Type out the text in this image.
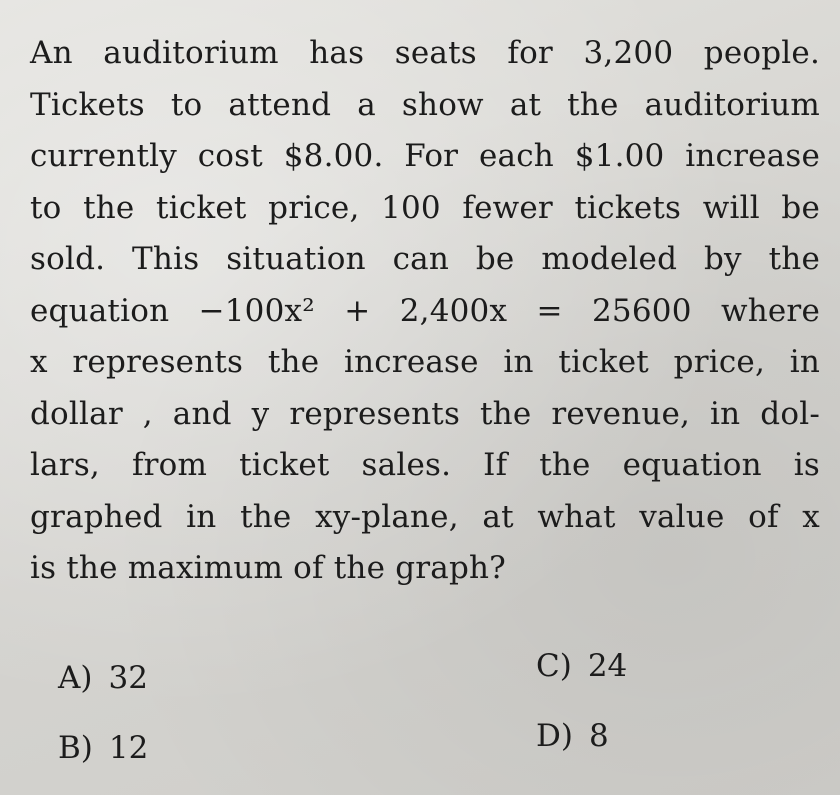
An auditorium has seats for 3,200 people.
Tickets to attend a show at the auditorium
currently cost $8.00. For each $1.00 increase
to the ticket price, 100 fewer tickets will be
sold. This situation can be modeled by the
equation −100x² + 2,400x = 25600 where
x represents the increase in ticket price, in
dollar , and y represents the revenue, in dol-
lars, from ticket sales. If the equation is
graphed in the xy-plane, at what value of x
is the maximum of the graph?
A) 32
B) 12
C) 24
D) 8
